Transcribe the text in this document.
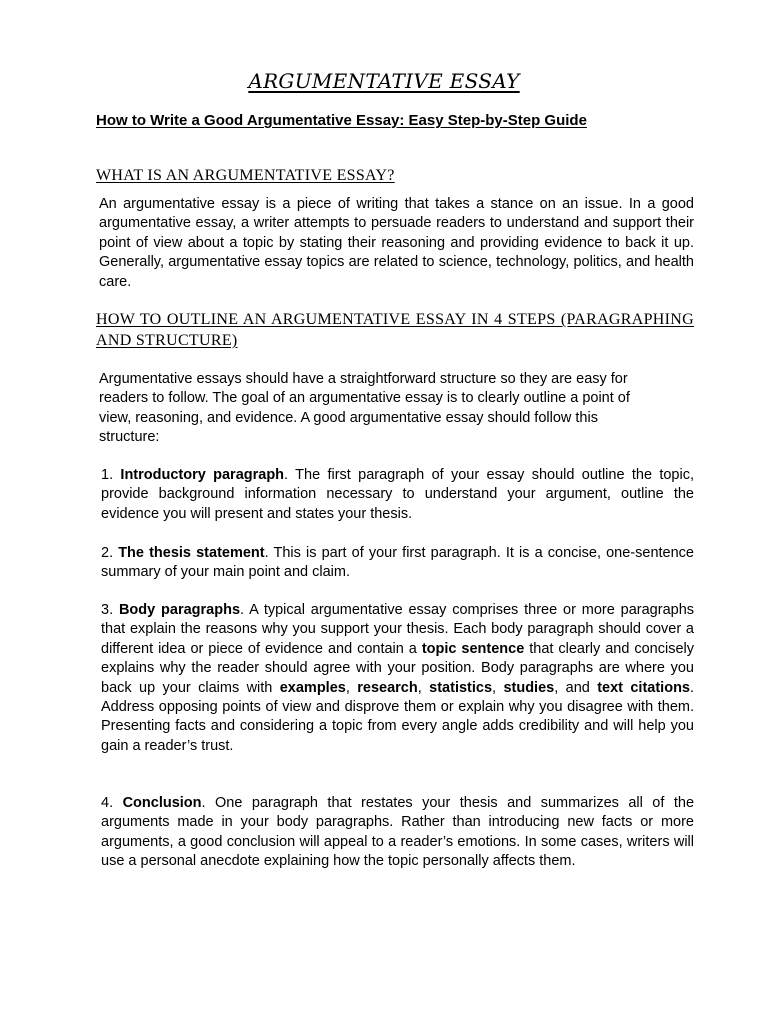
ARGUMENTATIVE ESSAY
How to Write a Good Argumentative Essay: Easy Step-by-Step Guide
WHAT IS AN ARGUMENTATIVE ESSAY?

An argumentative essay is a piece of writing that takes a stance on an issue. In a good argumentative essay, a writer attempts to persuade readers to understand and support their point of view about a topic by stating their reasoning and providing evidence to back it up. Generally, argumentative essay topics are related to science, technology, politics, and health care.

HOW TO OUTLINE AN ARGUMENTATIVE ESSAY IN 4 STEPS (PARAGRAPHING AND STRUCTURE)

Argumentative essays should have a straightforward structure so they are easy for readers to follow. The goal of an argumentative essay is to clearly outline a point of view, reasoning, and evidence. A good argumentative essay should follow this structure:

1. Introductory paragraph. The first paragraph of your essay should outline the topic, provide background information necessary to understand your argument, outline the evidence you will present and states your thesis.

2. The thesis statement. This is part of your first paragraph. It is a concise, one-sentence summary of your main point and claim.

3. Body paragraphs. A typical argumentative essay comprises three or more paragraphs that explain the reasons why you support your thesis. Each body paragraph should cover a different idea or piece of evidence and contain a topic sentence that clearly and concisely explains why the reader should agree with your position. Body paragraphs are where you back up your claims with examples, research, statistics, studies, and text citations. Address opposing points of view and disprove them or explain why you disagree with them. Presenting facts and considering a topic from every angle adds credibility and will help you gain a reader’s trust.

4. Conclusion. One paragraph that restates your thesis and summarizes all of the arguments made in your body paragraphs. Rather than introducing new facts or more arguments, a good conclusion will appeal to a reader’s emotions. In some cases, writers will use a personal anecdote explaining how the topic personally affects them.
